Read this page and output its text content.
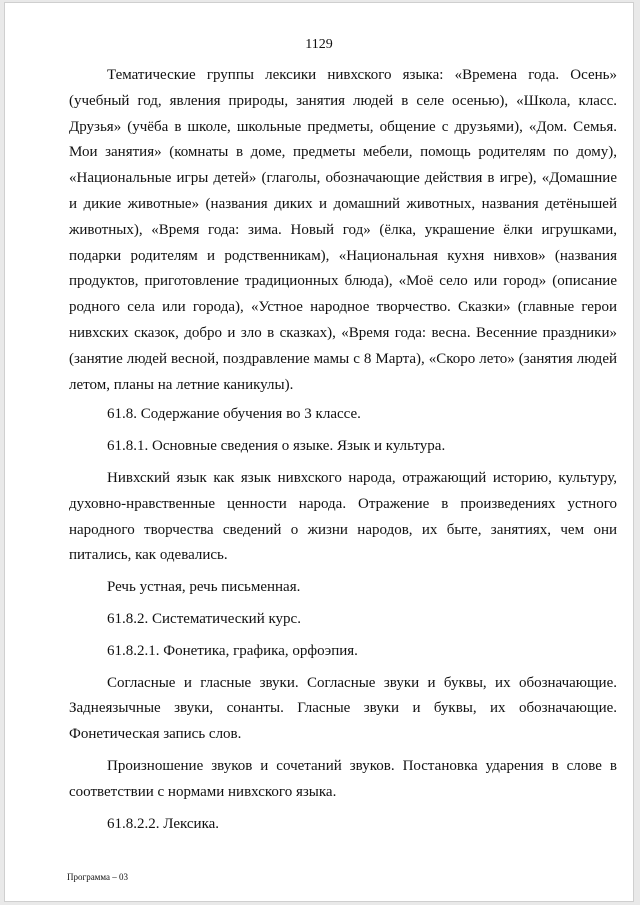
1129

Тематические группы лексики нивхского языка: «Времена года. Осень» (учебный год, явления природы, занятия людей в селе осенью), «Школа, класс. Друзья» (учёба в школе, школьные предметы, общение с друзьями), «Дом. Семья. Мои занятия» (комнаты в доме, предметы мебели, помощь родителям по дому), «Национальные игры детей» (глаголы, обозначающие действия в игре), «Домашние и дикие животные» (названия диких и домашний животных, названия детёнышей животных), «Время года: зима. Новый год» (ёлка, украшение ёлки игрушками, подарки родителям и родственникам), «Национальная кухня нивхов» (названия продуктов, приготовление традиционных блюда), «Моё село или город» (описание родного села или города), «Устное народное творчество. Сказки» (главные герои нивхских сказок, добро и зло в сказках), «Время года: весна. Весенние праздники» (занятие людей весной, поздравление мамы с 8 Марта), «Скоро лето» (занятия людей летом, планы на летние каникулы).

61.8. Содержание обучения во 3 классе.

61.8.1. Основные сведения о языке. Язык и культура.

Нивхский язык как язык нивхского народа, отражающий историю, культуру, духовно-нравственные ценности народа. Отражение в произведениях устного народного творчества сведений о жизни народов, их быте, занятиях, чем они питались, как одевались.

Речь устная, речь письменная.

61.8.2. Систематический курс.

61.8.2.1. Фонетика, графика, орфоэпия.

Согласные и гласные звуки. Согласные звуки и буквы, их обозначающие. Заднеязычные звуки, сонанты. Гласные звуки и буквы, их обозначающие. Фонетическая запись слов.

Произношение звуков и сочетаний звуков. Постановка ударения в слове в соответствии с нормами нивхского языка.

61.8.2.2. Лексика.

Программа – 03
